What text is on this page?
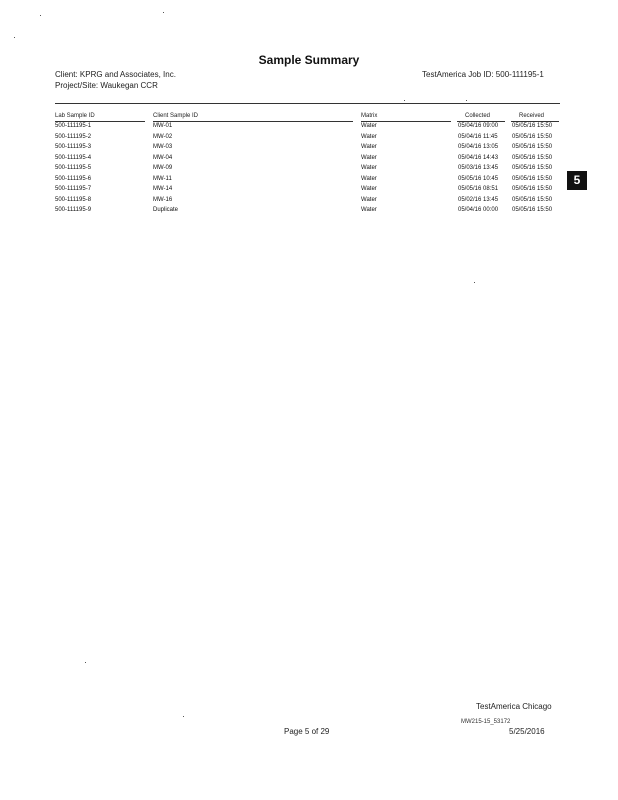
Sample Summary
Client: KPRG and Associates, Inc.
Project/Site: Waukegan CCR
TestAmerica Job ID: 500-111195-1
Lab Sample ID	Client Sample ID	Matrix	Collected	Received
500-111195-1	MW-01	Water	05/04/16 09:00 05/05/16 15:50
500-111195-2	MW-02	Water	05/04/16 11:45 05/05/16 15:50
500-111195-3	MW-03	Water	05/04/16 13:05 05/05/16 15:50
500-111195-4	MW-04	Water	05/04/16 14:43 05/05/16 15:50
500-111195-5	MW-09	Water	05/03/16 13:45 05/05/16 15:50
500-111195-6	MW-11	Water	05/05/16 10:45 05/05/16 15:50
500-111195-7	MW-14	Water	05/05/16 08:51 05/05/16 15:50
500-111195-8	MW-16	Water	05/02/16 13:45 05/05/16 15:50
500-111195-9	Duplicate	Water	05/04/16 00:00 05/05/16 15:50
5
TestAmerica Chicago
MW215-15_53172
Page 5 of 29	5/25/2016
